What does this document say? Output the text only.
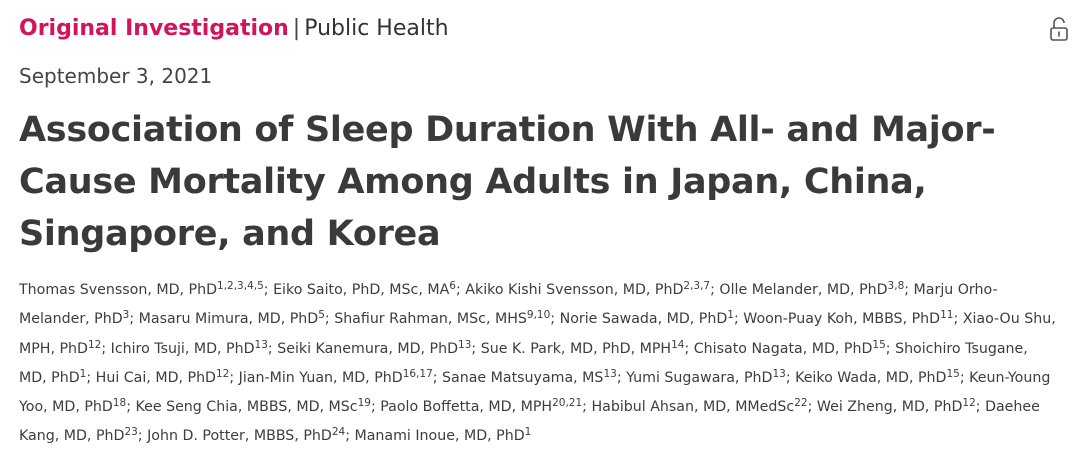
Original Investigation | Public Health
September 3, 2021
Association of Sleep Duration With All- and Major-Cause Mortality Among Adults in Japan, China, Singapore, and Korea
Thomas Svensson, MD, PhD$^{1,2,3,4,5}$; Eiko Saito, PhD, MSc, $MA^6$; Akiko Kishi Svensson, MD, PhD$^{2,3,7}$; Olle Melander, MD, PhD$^{3,8}$; Marju Orho-Melander, PhD$^3$; Masaru Mimura, MD, PhD$^5$; Shafiur Rahman, MSc, MHS$^{9,10}$; Norie Sawada, MD, PhD$^1$; Woon-Puay Koh, MBBS, PhD$^{11}$; Xiao-Ou Shu, MPH, PhD$^{12}$; Ichiro Tsuji, MD, PhD$^{13}$; Seiki Kanemura, MD, PhD$^{13}$; Sue K. Park, MD, PhD, MPH$^{14}$; Chisato Nagata, MD, PhD$^{15}$; Shoichiro Tsugane, MD, PhD$^1$; Hui Cai, MD, PhD$^{12}$; Jian-Min Yuan, MD, PhD$^{16,17}$; Sanae Matsuyama, MS$^{13}$; Yumi Sugawara, PhD$^{13}$; Keiko Wada, MD, PhD$^{15}$; Keun-Young Yoo, MD, PhD$^{18}$; Kee Seng Chia, MBBS, MD, MSc$^{19}$; Paolo Boffetta, MD, MPH$^{20,21}$; Habibul Ahsan, MD, MMedSc$^{22}$; Wei Zheng, MD, PhD$^{12}$; Daehee Kang, MD, PhD$^{23}$; John D. Potter, MBBS, PhD$^{24}$; Manami Inoue, MD, PhD$^1$
